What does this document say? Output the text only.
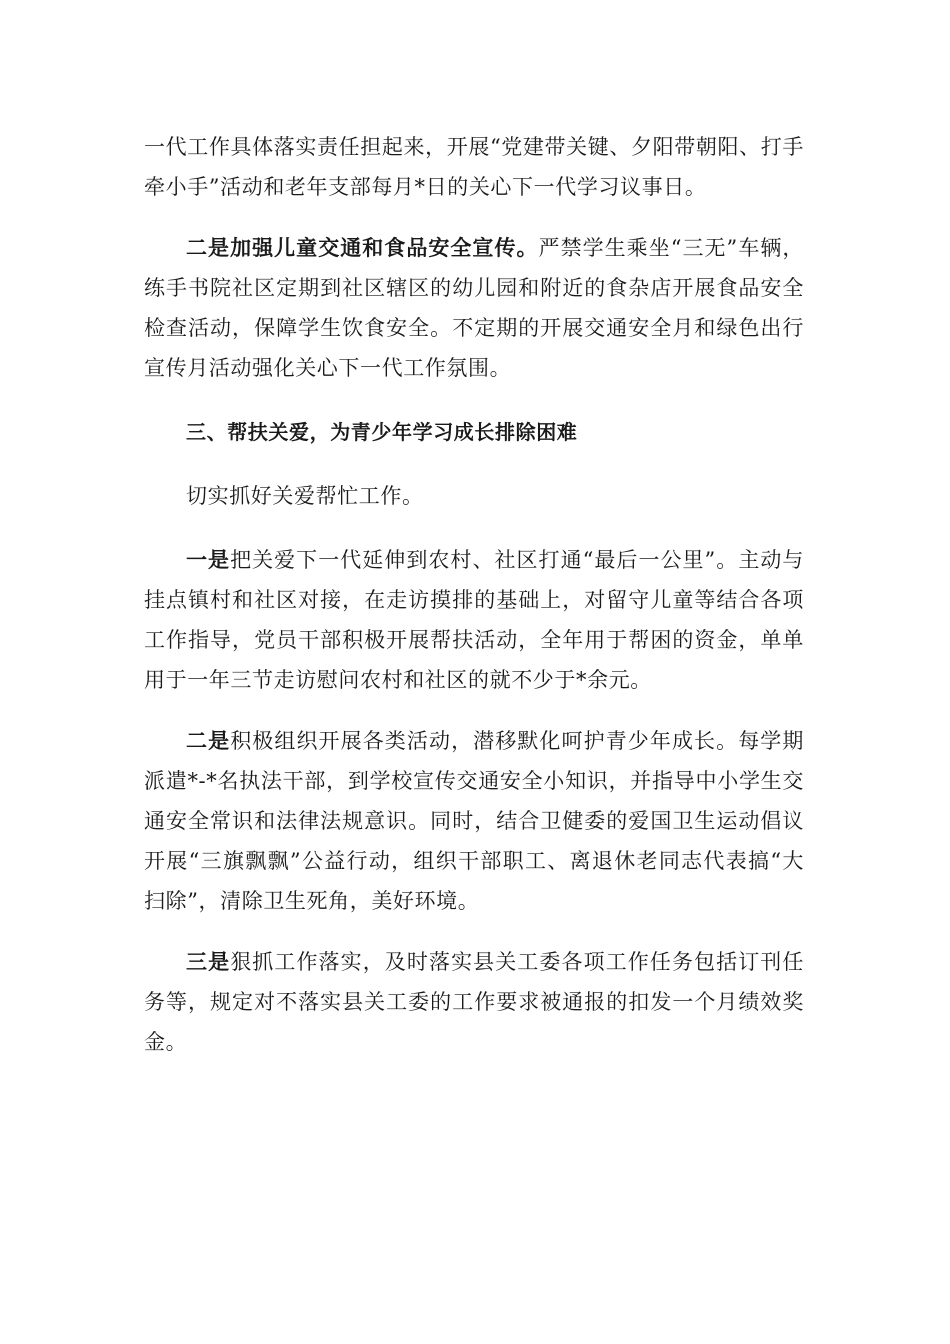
一代工作具体落实责任担起来，开展“党建带关键、夕阳带朝阳、打手牵小手”活动和老年支部每月*日的关心下一代学习议事日。

二是加强儿童交通和食品安全宣传。严禁学生乘坐“三无”车辆，练手书院社区定期到社区辖区的幼儿园和附近的食杂店开展食品安全检查活动，保障学生饮食安全。不定期的开展交通安全月和绿色出行宣传月活动强化关心下一代工作氛围。

三、帮扶关爱，为青少年学习成长排除困难

切实抓好关爱帮忙工作。

一是把关爱下一代延伸到农村、社区打通“最后一公里”。主动与挂点镇村和社区对接，在走访摸排的基础上，对留守儿童等结合各项工作指导，党员干部积极开展帮扶活动，全年用于帮困的资金，单单用于一年三节走访慰问农村和社区的就不少于*余元。

二是积极组织开展各类活动，潜移默化呵护青少年成长。每学期派遣*-*名执法干部，到学校宣传交通安全小知识，并指导中小学生交通安全常识和法律法规意识。同时，结合卫健委的爱国卫生运动倡议开展“三旗飘飘”公益行动，组织干部职工、离退休老同志代表搞“大扫除”，清除卫生死角，美好环境。

三是狠抓工作落实，及时落实县关工委各项工作任务包括订刊任务等，规定对不落实县关工委的工作要求被通报的扣发一个月绩效奖金。
